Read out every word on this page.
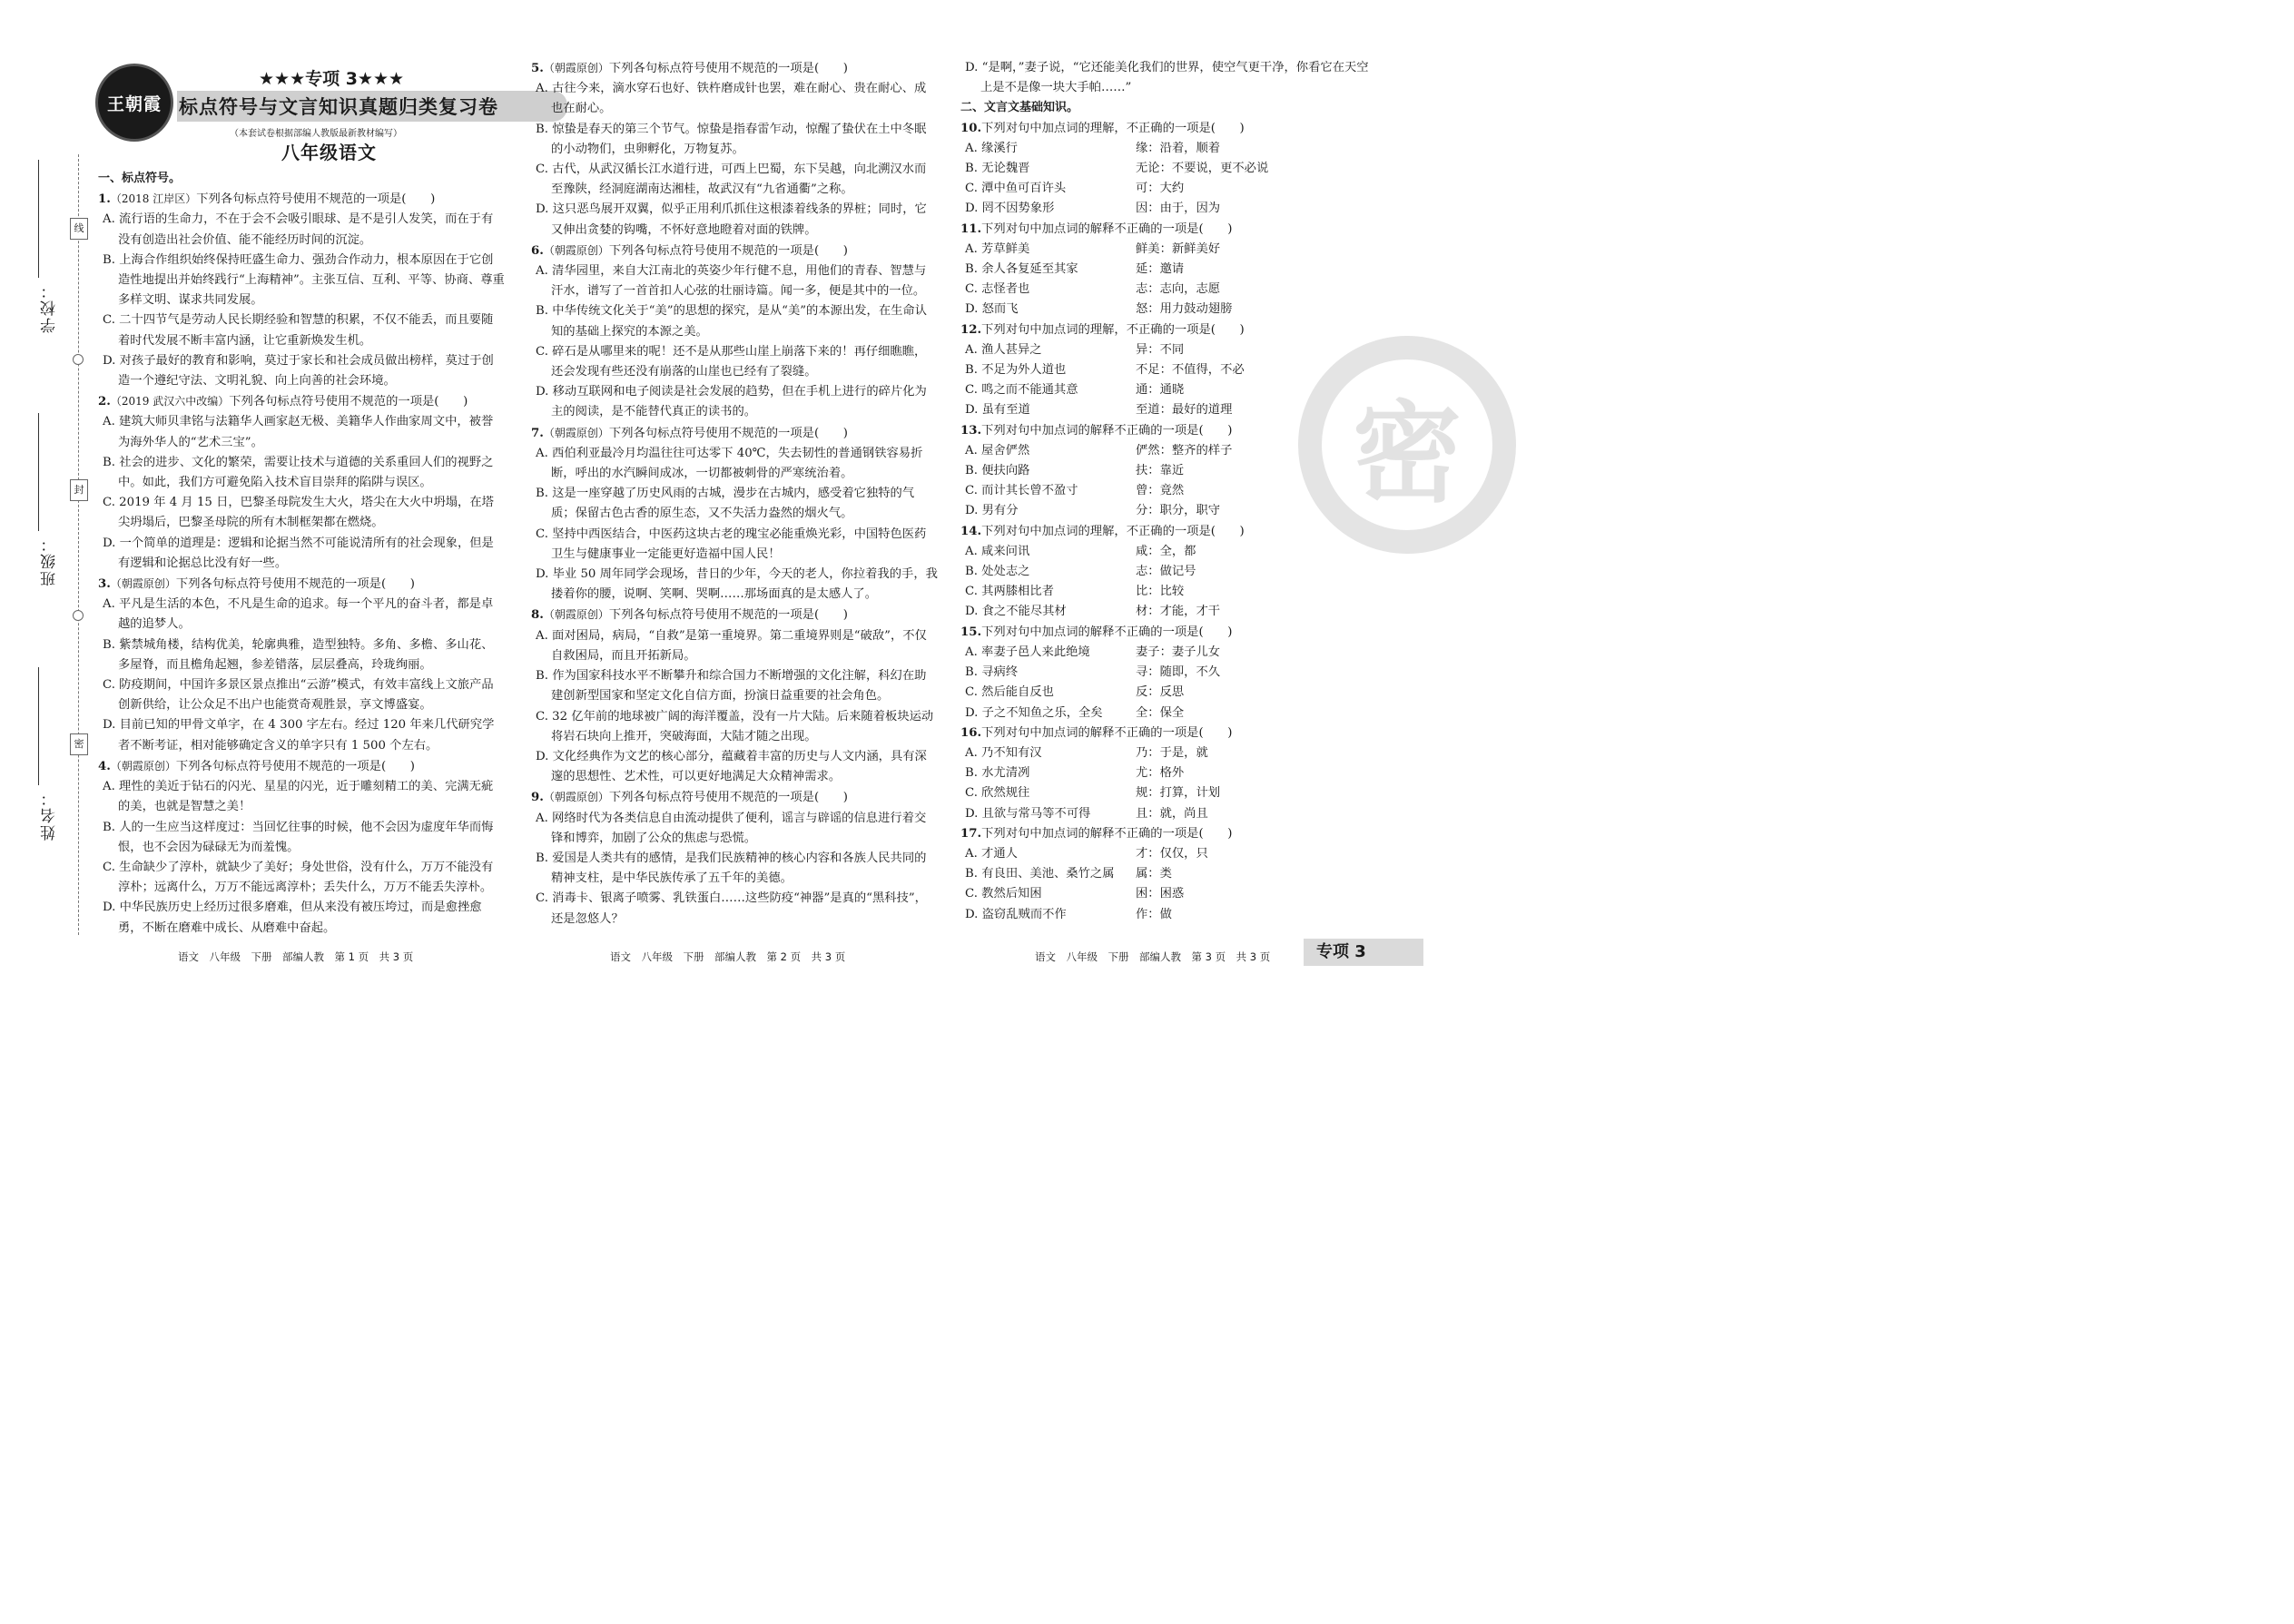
学校：
班级：
姓名：
线
封
密
王朝霞
★★★专项 3★★★
标点符号与文言知识真题归类复习卷
（本套试卷根据部编人教版最新教材编写）
八年级语文
密

一、标点符号。

1.（2018 江岸区）下列各句标点符号使用不规范的一项是(　　)

A. 流行语的生命力，不在于会不会吸引眼球、是不是引人发笑，而在于有没有创造出社会价值、能不能经历时间的沉淀。

B. 上海合作组织始终保持旺盛生命力、强劲合作动力，根本原因在于它创造性地提出并始终践行“上海精神”。主张互信、互利、平等、协商、尊重多样文明、谋求共同发展。

C. 二十四节气是劳动人民长期经验和智慧的积累，不仅不能丢，而且要随着时代发展不断丰富内涵，让它重新焕发生机。

D. 对孩子最好的教育和影响，莫过于家长和社会成员做出榜样，莫过于创造一个遵纪守法、文明礼貌、向上向善的社会环境。

2.（2019 武汉六中改编）下列各句标点符号使用不规范的一项是(　　)

A. 建筑大师贝聿铭与法籍华人画家赵无极、美籍华人作曲家周文中，被誉为海外华人的“艺术三宝”。

B. 社会的进步、文化的繁荣，需要让技术与道德的关系重回人们的视野之中。如此，我们方可避免陷入技术盲目崇拜的陷阱与误区。

C. 2019 年 4 月 15 日，巴黎圣母院发生大火，塔尖在大火中坍塌，在塔尖坍塌后，巴黎圣母院的所有木制框架都在燃烧。

D. 一个简单的道理是：逻辑和论据当然不可能说清所有的社会现象，但是有逻辑和论据总比没有好一些。

3.（朝霞原创）下列各句标点符号使用不规范的一项是(　　)

A. 平凡是生活的本色，不凡是生命的追求。每一个平凡的奋斗者，都是卓越的追梦人。

B. 紫禁城角楼，结构优美，轮廓典雅，造型独特。多角、多檐、多山花、多屋脊，而且檐角起翘，参差错落，层层叠高，玲珑绚丽。

C. 防疫期间，中国许多景区景点推出“云游”模式，有效丰富线上文旅产品创新供给，让公众足不出户也能赏奇观胜景，享文博盛宴。

D. 目前已知的甲骨文单字，在 4 300 字左右。经过 120 年来几代研究学者不断考证，相对能够确定含义的单字只有 1 500 个左右。

4.（朝霞原创）下列各句标点符号使用不规范的一项是(　　)

A. 理性的美近于钻石的闪光、星星的闪光，近于雕刻精工的美、完满无疵的美，也就是智慧之美！

B. 人的一生应当这样度过：当回忆往事的时候，他不会因为虚度年华而悔恨，也不会因为碌碌无为而羞愧。

C. 生命缺少了淳朴，就缺少了美好；身处世俗，没有什么，万万不能没有淳朴；远离什么，万万不能远离淳朴；丢失什么，万万不能丢失淳朴。

D. 中华民族历史上经历过很多磨难，但从来没有被压垮过，而是愈挫愈勇，不断在磨难中成长、从磨难中奋起。

5.（朝霞原创）下列各句标点符号使用不规范的一项是(　　)

A. 古往今来，滴水穿石也好、铁杵磨成针也罢，难在耐心、贵在耐心、成也在耐心。

B. 惊蛰是春天的第三个节气。惊蛰是指春雷乍动，惊醒了蛰伏在土中冬眠的小动物们，虫卵孵化，万物复苏。

C. 古代，从武汉循长江水道行进，可西上巴蜀，东下吴越，向北溯汉水而至豫陕，经洞庭湖南达湘桂，故武汉有“九省通衢”之称。

D. 这只恶鸟展开双翼，似乎正用利爪抓住这根漆着线条的界桩；同时，它又伸出贪婪的钩嘴，不怀好意地瞪着对面的铁牌。

6.（朝霞原创）下列各句标点符号使用不规范的一项是(　　)

A. 清华园里，来自大江南北的英姿少年行健不息，用他们的青春、智慧与汗水，谱写了一首首扣人心弦的壮丽诗篇。闻一多，便是其中的一位。

B. 中华传统文化关于“美”的思想的探究，是从“美”的本源出发，在生命认知的基础上探究的本源之美。

C. 碎石是从哪里来的呢！还不是从那些山崖上崩落下来的！再仔细瞧瞧，还会发现有些还没有崩落的山崖也已经有了裂缝。

D. 移动互联网和电子阅读是社会发展的趋势，但在手机上进行的碎片化为主的阅读，是不能替代真正的读书的。

7.（朝霞原创）下列各句标点符号使用不规范的一项是(　　)

A. 西伯利亚最冷月均温往往可达零下 40℃，失去韧性的普通钢铁容易折断，呼出的水汽瞬间成冰，一切都被刺骨的严寒统治着。

B. 这是一座穿越了历史风雨的古城，漫步在古城内，感受着它独特的气质；保留古色古香的原生态，又不失活力盎然的烟火气。

C. 坚持中西医结合，中医药这块古老的瑰宝必能重焕光彩，中国特色医药卫生与健康事业一定能更好造福中国人民！

D. 毕业 50 周年同学会现场，昔日的少年，今天的老人，你拉着我的手，我搂着你的腰，说啊、笑啊、哭啊……那场面真的是太感人了。

8.（朝霞原创）下列各句标点符号使用不规范的一项是(　　)

A. 面对困局，病局，“自救”是第一重境界。第二重境界则是“破敌”，不仅自救困局，而且开拓新局。

B. 作为国家科技水平不断攀升和综合国力不断增强的文化注解，科幻在助建创新型国家和坚定文化自信方面，扮演日益重要的社会角色。

C. 32 亿年前的地球被广阔的海洋覆盖，没有一片大陆。后来随着板块运动将岩石块向上推开，突破海面，大陆才随之出现。

D. 文化经典作为文艺的核心部分，蕴藏着丰富的历史与人文内涵，具有深邃的思想性、艺术性，可以更好地满足大众精神需求。

9.（朝霞原创）下列各句标点符号使用不规范的一项是(　　)

A. 网络时代为各类信息自由流动提供了便利，谣言与辟谣的信息进行着交锋和博弈，加剧了公众的焦虑与恐慌。

B. 爱国是人类共有的感情，是我们民族精神的核心内容和各族人民共同的精神支柱，是中华民族传承了五千年的美德。

C. 消毒卡、银离子喷雾、乳铁蛋白……这些防疫“神器”是真的“黑科技”，还是忽悠人？

D. “是啊，”妻子说，“它还能美化我们的世界，使空气更干净，你看它在天空上是不是像一块大手帕……”

二、文言文基础知识。

10.下列对句中加点词的理解，不正确的一项是(　　)

A. 缘溪行	缘：沿着，顺着

B. 无论魏晋	无论：不要说，更不必说

C. 潭中鱼可百许头	可：大约

D. 罔不因势象形	因：由于，因为

11.下列对句中加点词的解释不正确的一项是(　　)

A. 芳草鲜美	鲜美：新鲜美好

B. 余人各复延至其家	延：邀请

C. 志怪者也	志：志向，志愿

D. 怒而飞	怒：用力鼓动翅膀

12.下列对句中加点词的理解，不正确的一项是(　　)

A. 渔人甚异之	异：不同

B. 不足为外人道也	不足：不值得，不必

C. 鸣之而不能通其意	通：通晓

D. 虽有至道	至道：最好的道理

13.下列对句中加点词的解释不正确的一项是(　　)

A. 屋舍俨然	俨然：整齐的样子

B. 便扶向路	扶：靠近

C. 而计其长曾不盈寸	曾：竟然

D. 男有分	分：职分，职守

14.下列对句中加点词的理解，不正确的一项是(　　)

A. 咸来问讯	咸：全，都

B. 处处志之	志：做记号

C. 其两膝相比者	比：比较

D. 食之不能尽其材	材：才能，才干

15.下列对句中加点词的解释不正确的一项是(　　)

A. 率妻子邑人来此绝境	妻子：妻子儿女

B. 寻病终	寻：随即，不久

C. 然后能自反也	反：反思

D. 子之不知鱼之乐，全矣	全：保全

16.下列对句中加点词的解释不正确的一项是(　　)

A. 乃不知有汉	乃：于是，就

B. 水尤清冽	尤：格外

C. 欣然规往	规：打算，计划

D. 且欲与常马等不可得	且：就，尚且

17.下列对句中加点词的解释不正确的一项是(　　)

A. 才通人	才：仅仅，只

B. 有良田、美池、桑竹之属	属：类

C. 教然后知困	困：困惑

D. 盗窃乱贼而不作	作：做

语文　八年级　下册　部编人教　第 1 页　共 3 页	语文　八年级　下册　部编人教　第 2 页　共 3 页	语文　八年级　下册　部编人教　第 3 页　共 3 页	专项 3
